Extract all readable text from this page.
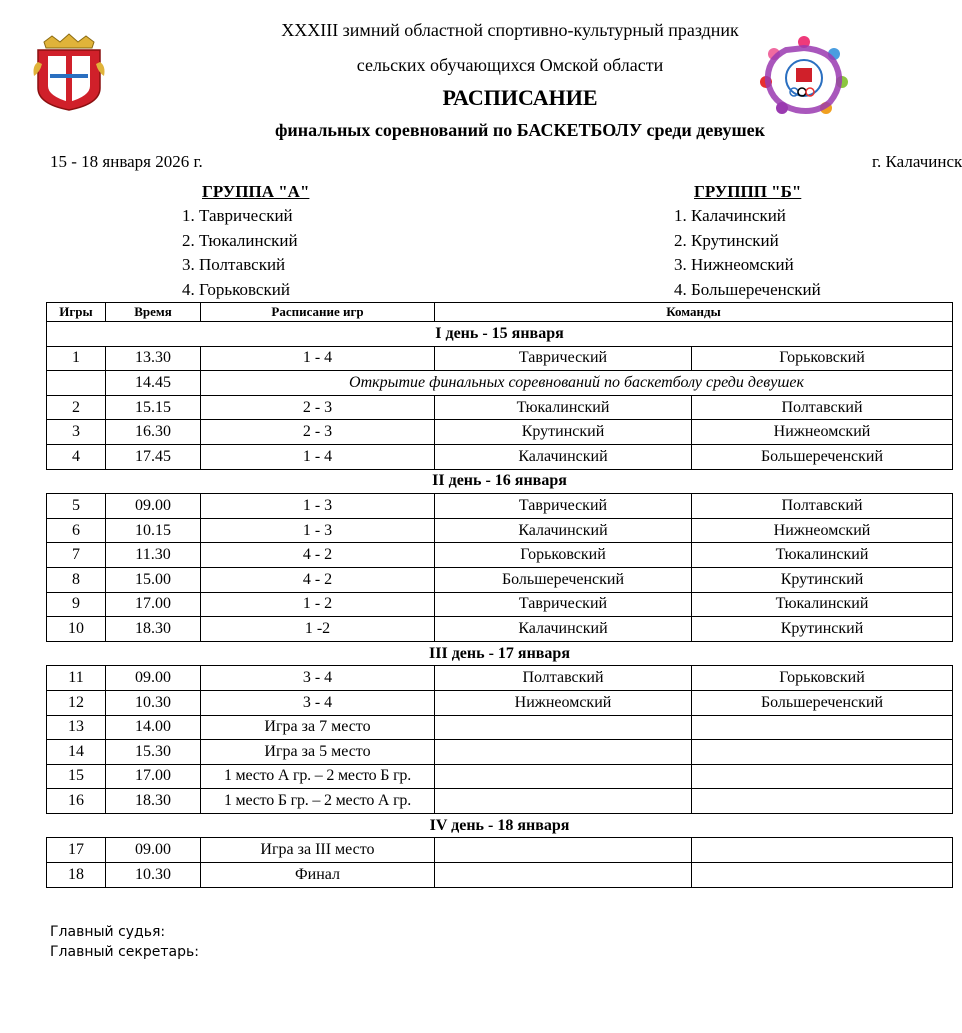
XXXIII зимний областной спортивно-культурный праздник
сельских обучающихся Омской области
РАСПИСАНИЕ
финальных соревнований по БАСКЕТБОЛУ среди девушек
15 - 18 января 2026 г.	г. Калачинск
ГРУППА "А"
1. Таврический
2. Тюкалинский
3. Полтавский
4. Горьковский
ГРУППП "Б"
1. Калачинский
2. Крутинский
3. Нижнеомский
4. Большереченский
Игры	Время	Расписание игр	Команды	
I день - 15 января				
1	13.30	1 - 4	Таврический	Горьковский
	14.45	Открытие финальных соревнований по баскетболу среди девушек		
2	15.15	2 - 3	Тюкалинский	Полтавский
3	16.30	2 - 3	Крутинский	Нижнеомский
4	17.45	1 - 4	Калачинский	Большереченский
II день - 16 января				
5	09.00	1 - 3	Таврический	Полтавский
6	10.15	1 - 3	Калачинский	Нижнеомский
7	11.30	4 - 2	Горьковский	Тюкалинский
8	15.00	4 - 2	Большереченский	Крутинский
9	17.00	1 - 2	Таврический	Тюкалинский
10	18.30	1 -2	Калачинский	Крутинский
III день - 17 января				
11	09.00	3 - 4	Полтавский	Горьковский
12	10.30	3 - 4	Нижнеомский	Большереченский
13	14.00	Игра за 7 место		
14	15.30	Игра за 5 место		
15	17.00	1 место А гр. – 2 место Б гр.		
16	18.30	1 место Б гр. – 2 место А гр.		
IV день - 18 января				
17	09.00	Игра за III место		
18	10.30	Финал		
Главный судья:
Главный секретарь:
